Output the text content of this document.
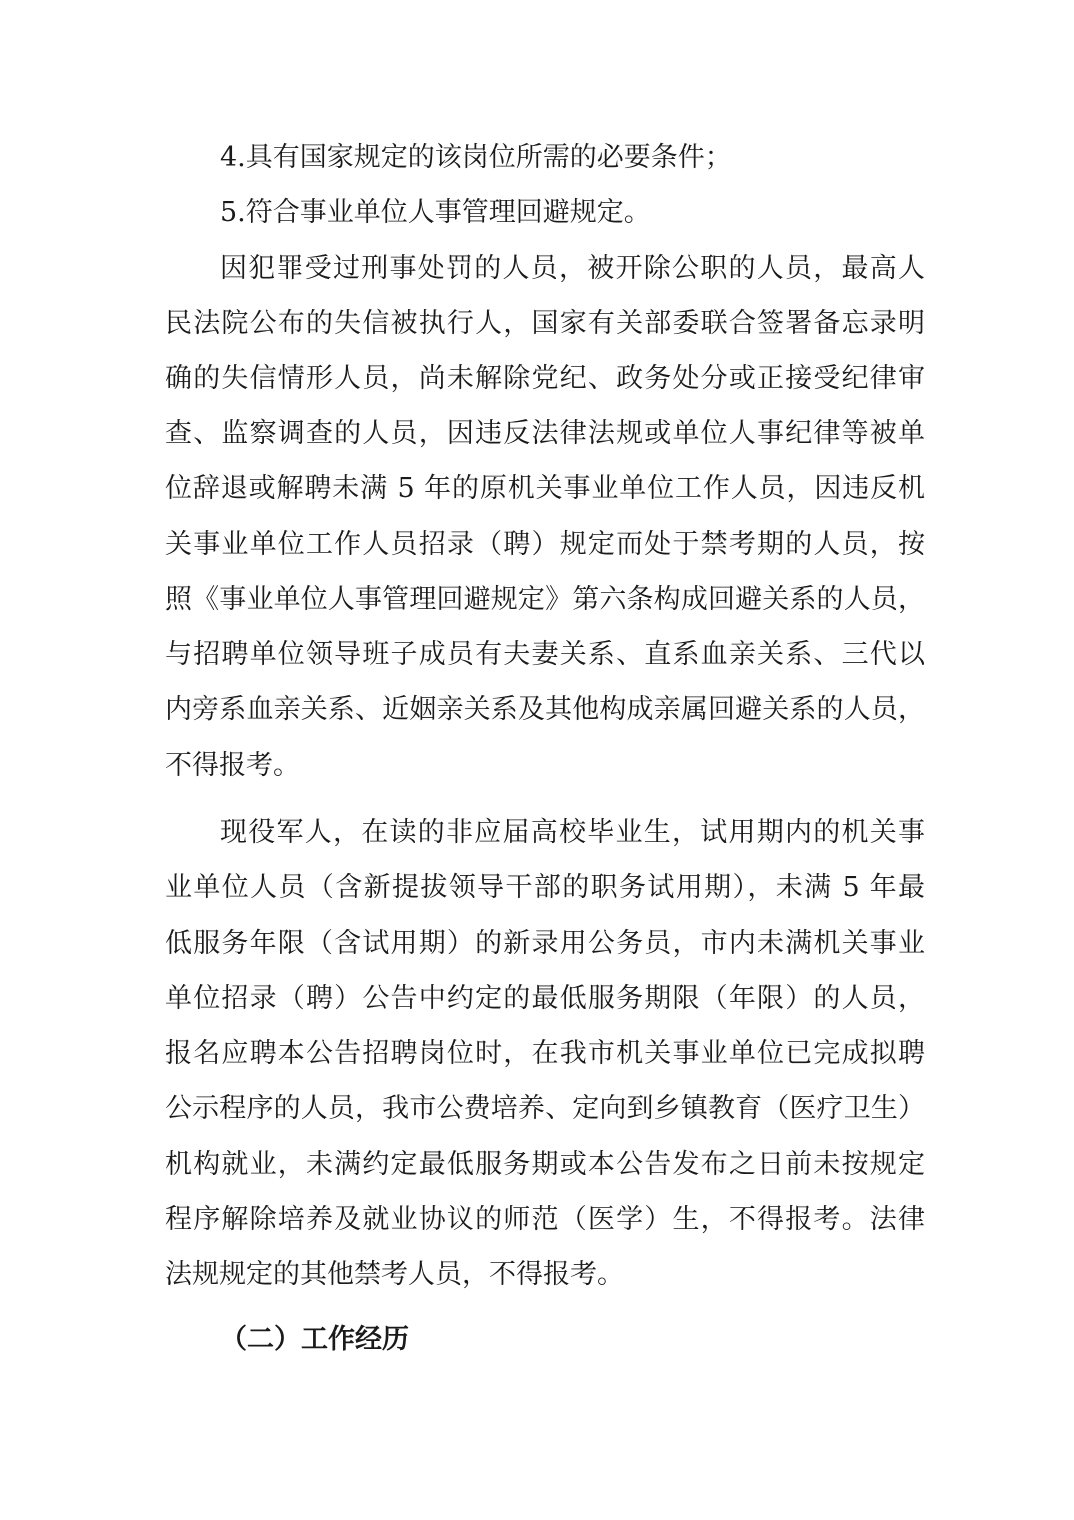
4.具有国家规定的该岗位所需的必要条件；

5.符合事业单位人事管理回避规定。

因犯罪受过刑事处罚的人员，被开除公职的人员，最高人

民法院公布的失信被执行人，国家有关部委联合签署备忘录明

确的失信情形人员，尚未解除党纪、政务处分或正接受纪律审

查、监察调查的人员，因违反法律法规或单位人事纪律等被单

位辞退或解聘未满 5 年的原机关事业单位工作人员，因违反机

关事业单位工作人员招录（聘）规定而处于禁考期的人员，按

照《事业单位人事管理回避规定》第六条构成回避关系的人员，

与招聘单位领导班子成员有夫妻关系、直系血亲关系、三代以

内旁系血亲关系、近姻亲关系及其他构成亲属回避关系的人员，

不得报考。

现役军人，在读的非应届高校毕业生，试用期内的机关事

业单位人员（含新提拔领导干部的职务试用期），未满 5 年最

低服务年限（含试用期）的新录用公务员，市内未满机关事业

单位招录（聘）公告中约定的最低服务期限（年限）的人员，

报名应聘本公告招聘岗位时，在我市机关事业单位已完成拟聘

公示程序的人员，我市公费培养、定向到乡镇教育（医疗卫生）

机构就业，未满约定最低服务期或本公告发布之日前未按规定

程序解除培养及就业协议的师范（医学）生，不得报考。法律

法规规定的其他禁考人员，不得报考。

（二）工作经历
